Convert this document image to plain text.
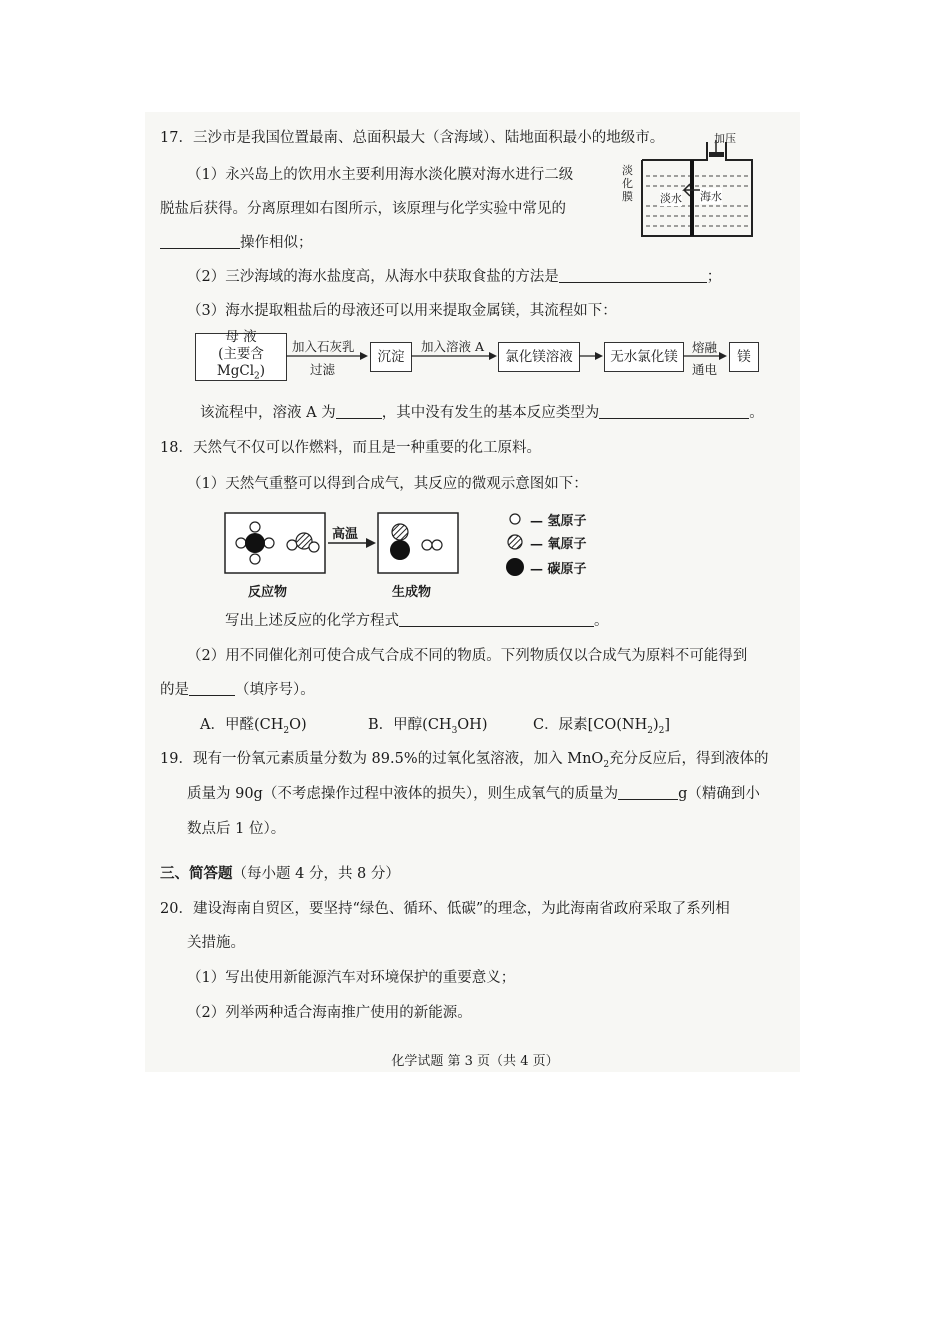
17．三沙市是我国位置最南、总面积最大（含海域）、陆地面积最小的地级市。
（1）永兴岛上的饮用水主要利用海水淡化膜对海水进行二级
脱盐后获得。分离原理如右图所示，该原理与化学实验中常见的
操作相似；
加压
淡
化
膜 淡水 海水
（2）三沙海域的海水盐度高，从海水中获取食盐的方法是	；
（3）海水提取粗盐后的母液还可以用来提取金属镁，其流程如下：
母 液
(主要含MgCl$_2$)
加入石灰乳
过滤
沉淀
加入溶液 A
氯化镁溶液	无水氯化镁
熔融
通电
镁
该流程中，溶液 A 为	，其中没有发生的基本反应类型为	。
18．天然气不仅可以作燃料，而且是一种重要的化工原料。
（1）天然气重整可以得到合成气，其反应的微观示意图如下：
高温
反应物	生成物
— 氢原子
— 氧原子
— 碳原子
写出上述反应的化学方程式	。
（2）用不同催化剂可使合成气合成不同的物质。下列物质仅以合成气为原料不可能得到
的是	（填序号）。
A．甲醛$(CH_2O)$	B．甲醇$(CH_3OH)$	C．尿素$[CO(NH_2)_2]$
19．现有一份氧元素质量分数为 89.5%的过氧化氢溶液，加入 MnO$_2$充分反应后，得到液体的
质量为 90g（不考虑操作过程中液体的损失），则生成氧气的质量为	g（精确到小
数点后 1 位）。
三、简答题（每小题 4 分，共 8 分）
20．建设海南自贸区，要坚持“绿色、循环、低碳”的理念，为此海南省政府采取了系列相
关措施。
（1）写出使用新能源汽车对环境保护的重要意义；
（2）列举两种适合海南推广使用的新能源。
化学试题 第 3 页（共 4 页）
